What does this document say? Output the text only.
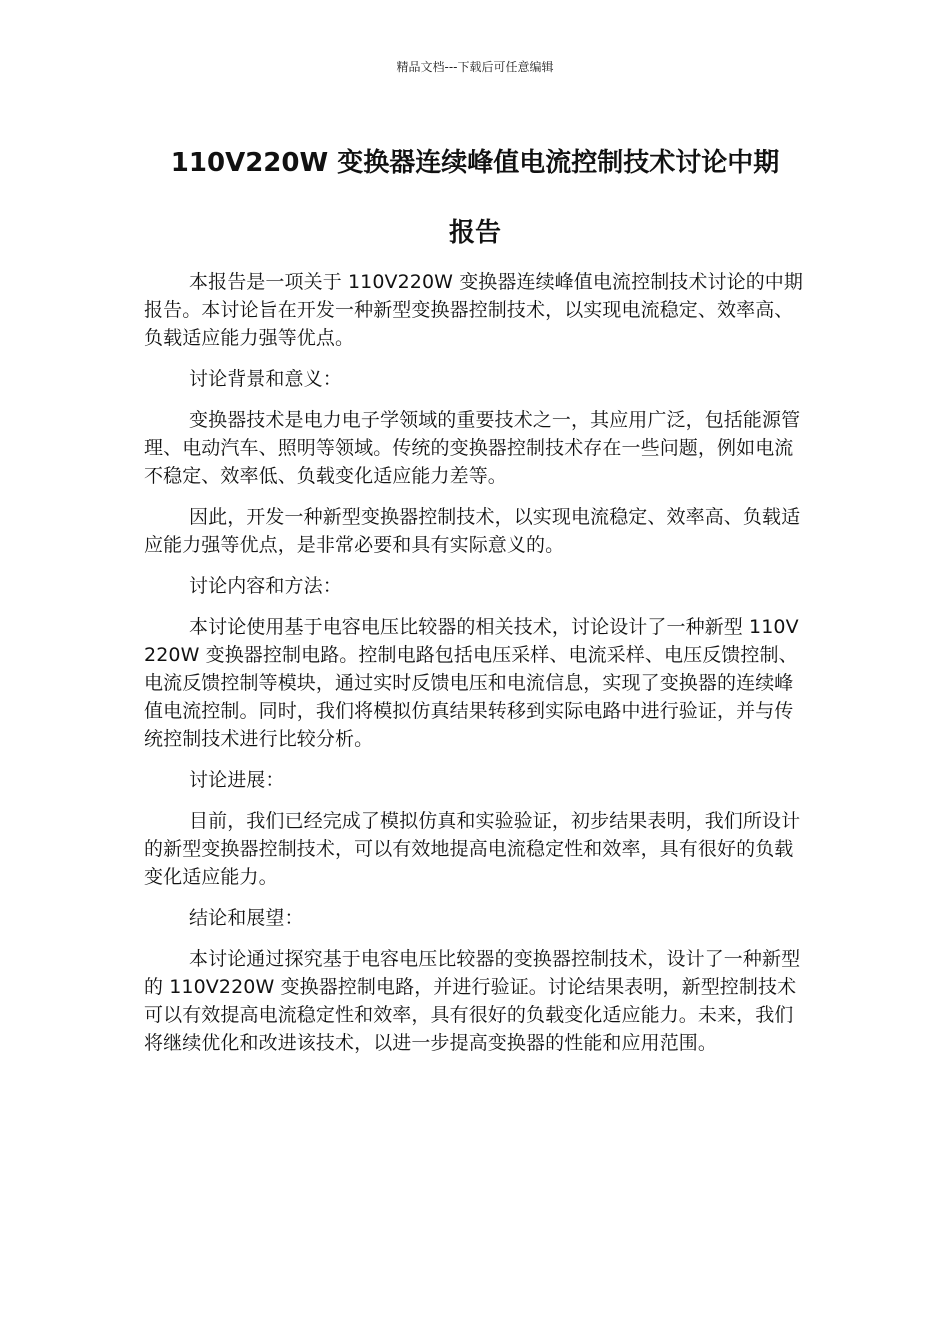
精品文档---下载后可任意编辑
110V220W 变换器连续峰值电流控制技术讨论中期
报告

本报告是一项关于 110V220W 变换器连续峰值电流控制技术讨论的中期报告。本讨论旨在开发一种新型变换器控制技术，以实现电流稳定、效率高、负载适应能力强等优点。

讨论背景和意义：

变换器技术是电力电子学领域的重要技术之一，其应用广泛，包括能源管理、电动汽车、照明等领域。传统的变换器控制技术存在一些问题，例如电流不稳定、效率低、负载变化适应能力差等。

因此，开发一种新型变换器控制技术，以实现电流稳定、效率高、负载适应能力强等优点，是非常必要和具有实际意义的。

讨论内容和方法：

本讨论使用基于电容电压比较器的相关技术，讨论设计了一种新型 110V220W 变换器控制电路。控制电路包括电压采样、电流采样、电压反馈控制、电流反馈控制等模块，通过实时反馈电压和电流信息，实现了变换器的连续峰值电流控制。同时，我们将模拟仿真结果转移到实际电路中进行验证，并与传统控制技术进行比较分析。

讨论进展：

目前，我们已经完成了模拟仿真和实验验证，初步结果表明，我们所设计的新型变换器控制技术，可以有效地提高电流稳定性和效率，具有很好的负载变化适应能力。

结论和展望：

本讨论通过探究基于电容电压比较器的变换器控制技术，设计了一种新型的 110V220W 变换器控制电路，并进行验证。讨论结果表明，新型控制技术可以有效提高电流稳定性和效率，具有很好的负载变化适应能力。未来，我们将继续优化和改进该技术，以进一步提高变换器的性能和应用范围。
